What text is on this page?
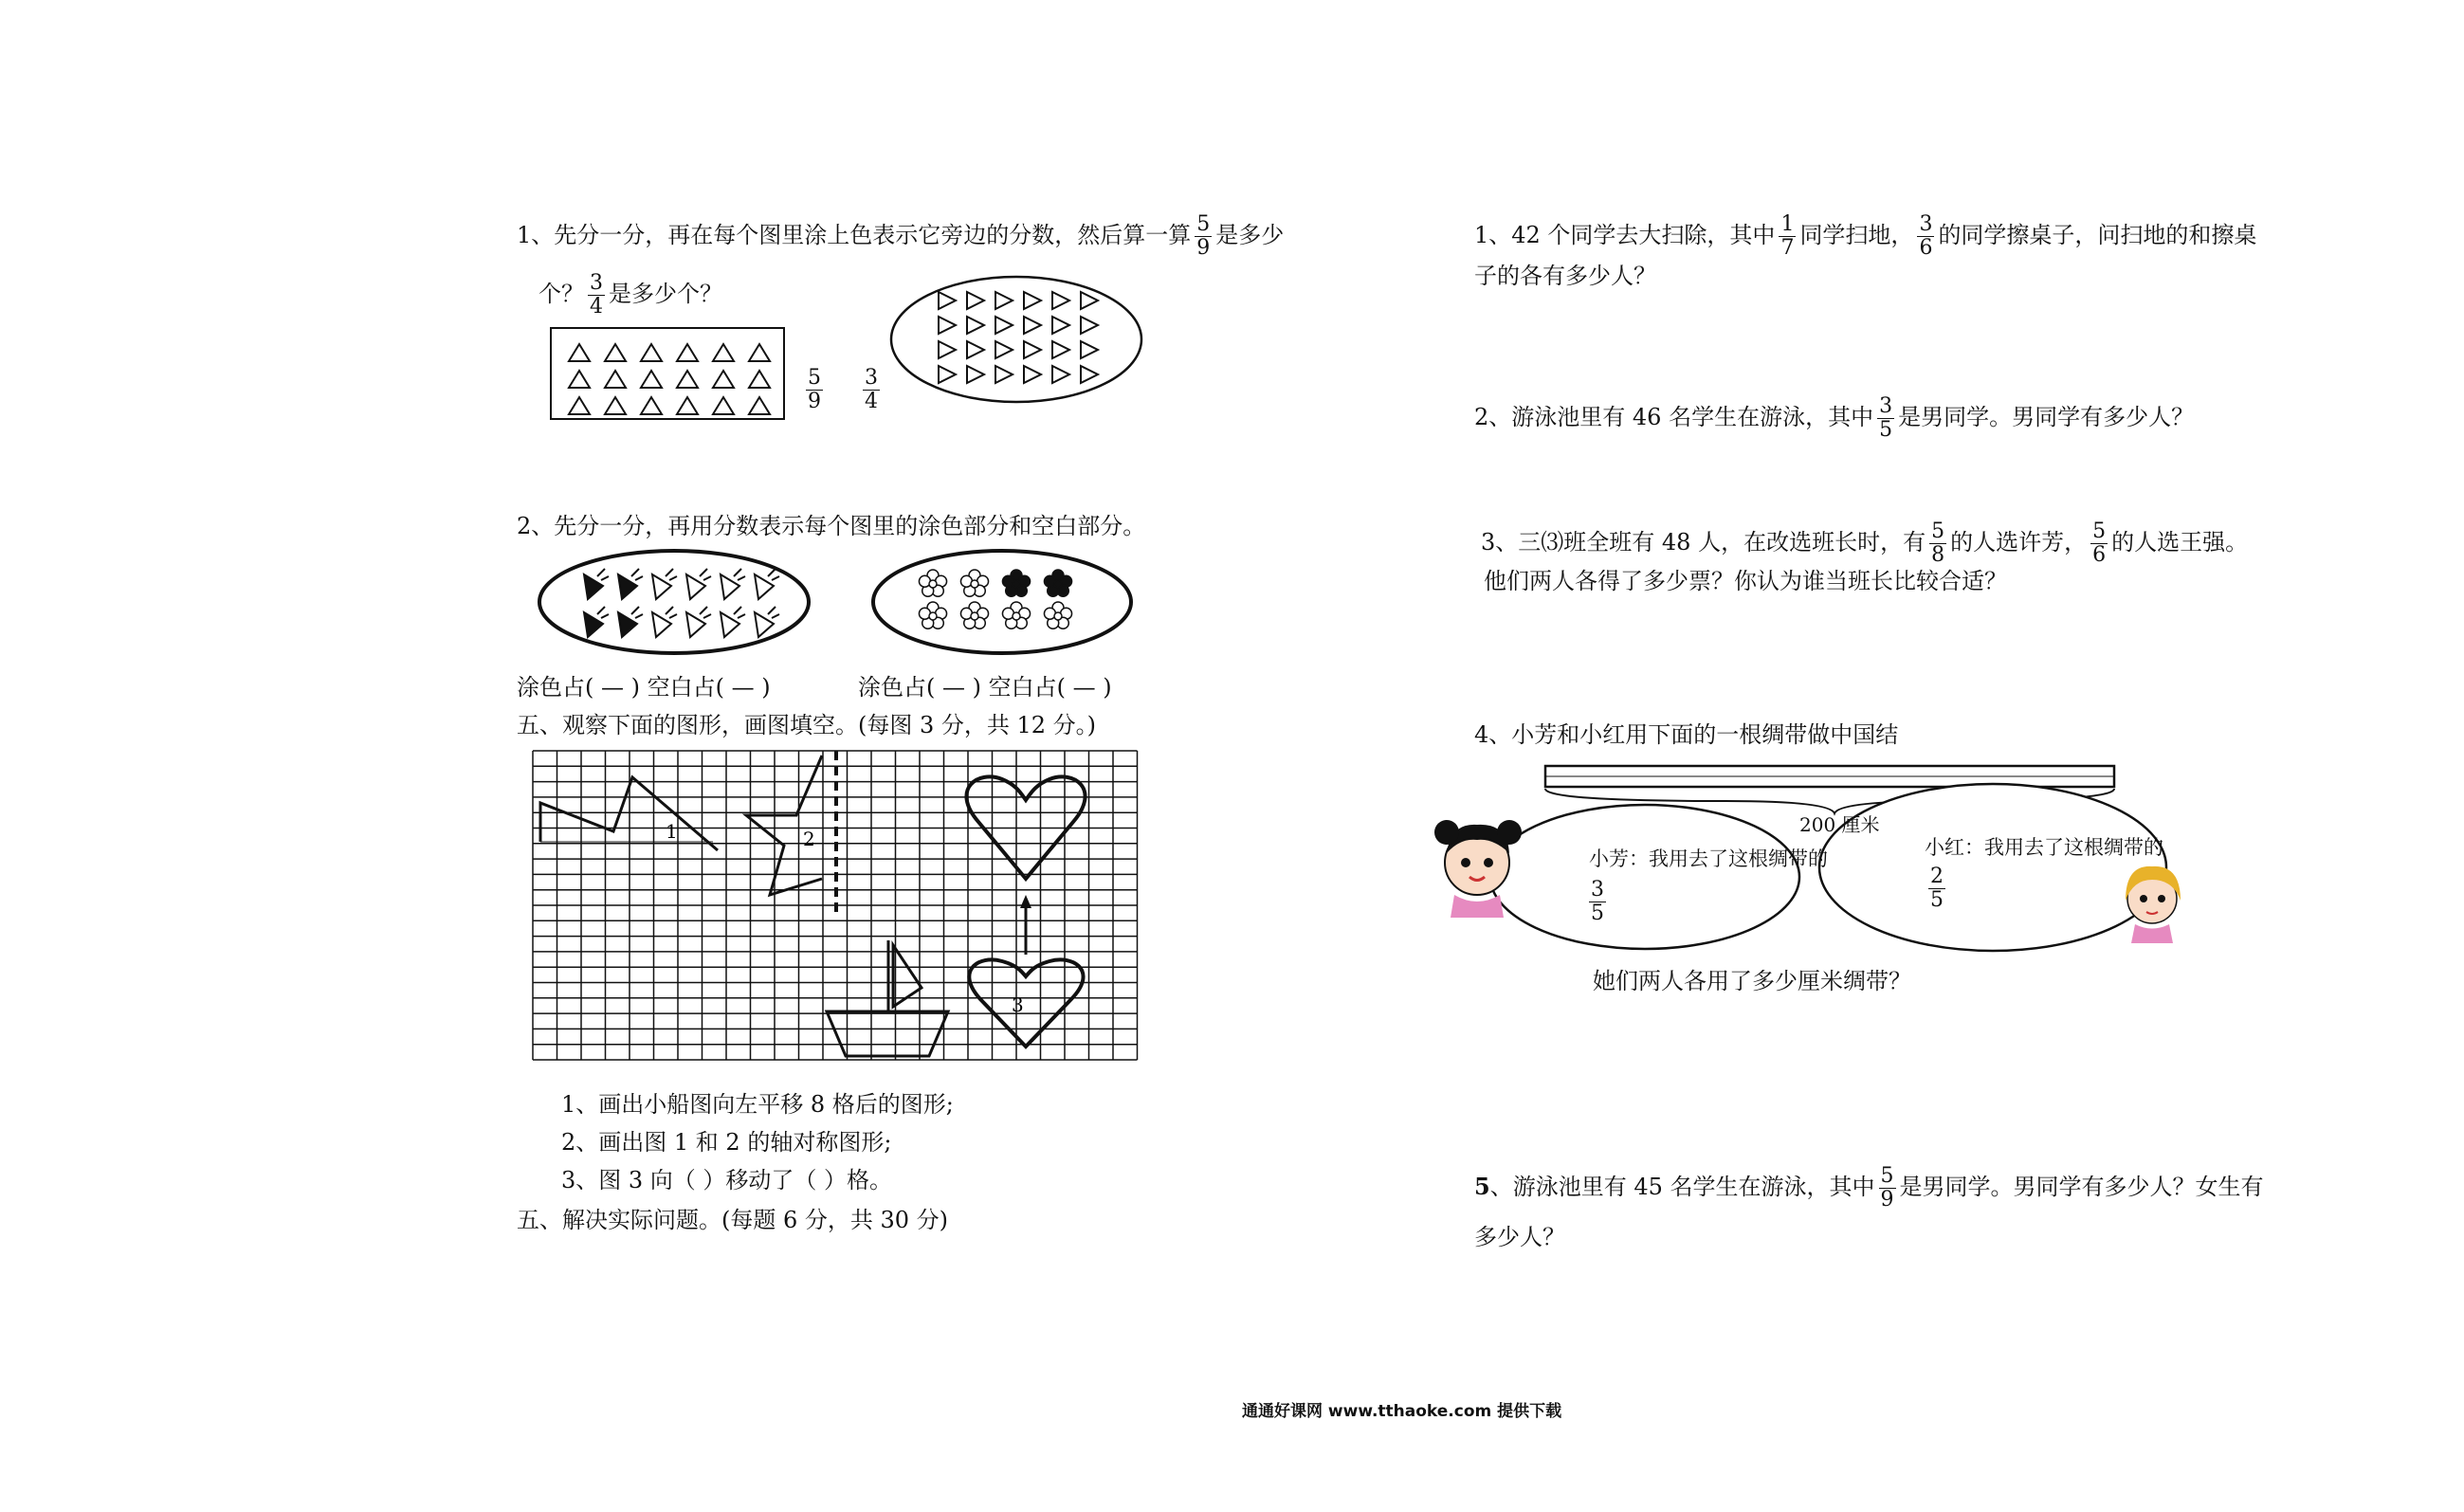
1、先分一分，再在每个图里涂上色表示它旁边的分数，然后算一算 $\frac{5}{9}$ 是多少
个？ $\frac{3}{4}$ 是多少个？
$\frac{5}{9} \frac{3}{4}$
2、先分一分，再用分数表示每个图里的涂色部分和空白部分。
涂色占( — ) 空白占( — )	涂色占( — ) 空白占( — )
五、观察下面的图形，画图填空。(每图 3 分，共 12 分。)
1	2
3
1、画出小船图向左平移 8 格后的图形;
2、画出图 1 和 2 的轴对称图形;
3、图 3 向（ ）移动了（ ）格。
五、解决实际问题。(每题 6 分，共 30 分)
1、42 个同学去大扫除，其中 $\frac{1}{7}$ 同学扫地， $\frac{3}{6}$ 的同学擦桌子，问扫地的和擦桌
子的各有多少人？
2、游泳池里有 46 名学生在游泳，其中 $\frac{3}{5}$ 是男同学。男同学有多少人？
3、三⑶班全班有 48 人，在改选班长时，有 $\frac{5}{8}$ 的人选许芳， $\frac{5}{6}$ 的人选王强。
他们两人各得了多少票？你认为谁当班长比较合适？
4、小芳和小红用下面的一根绸带做中国结
200 厘米
小芳：我用去了这根绸带的
$\frac{3}{5}$
小红：我用去了这根绸带的
$\frac{2}{5}$
她们两人各用了多少厘米绸带？
5、游泳池里有 45 名学生在游泳，其中 $\frac{5}{9}$ 是男同学。男同学有多少人？女生有
多少人？
通通好课网 www.tthaoke.com 提供下载
